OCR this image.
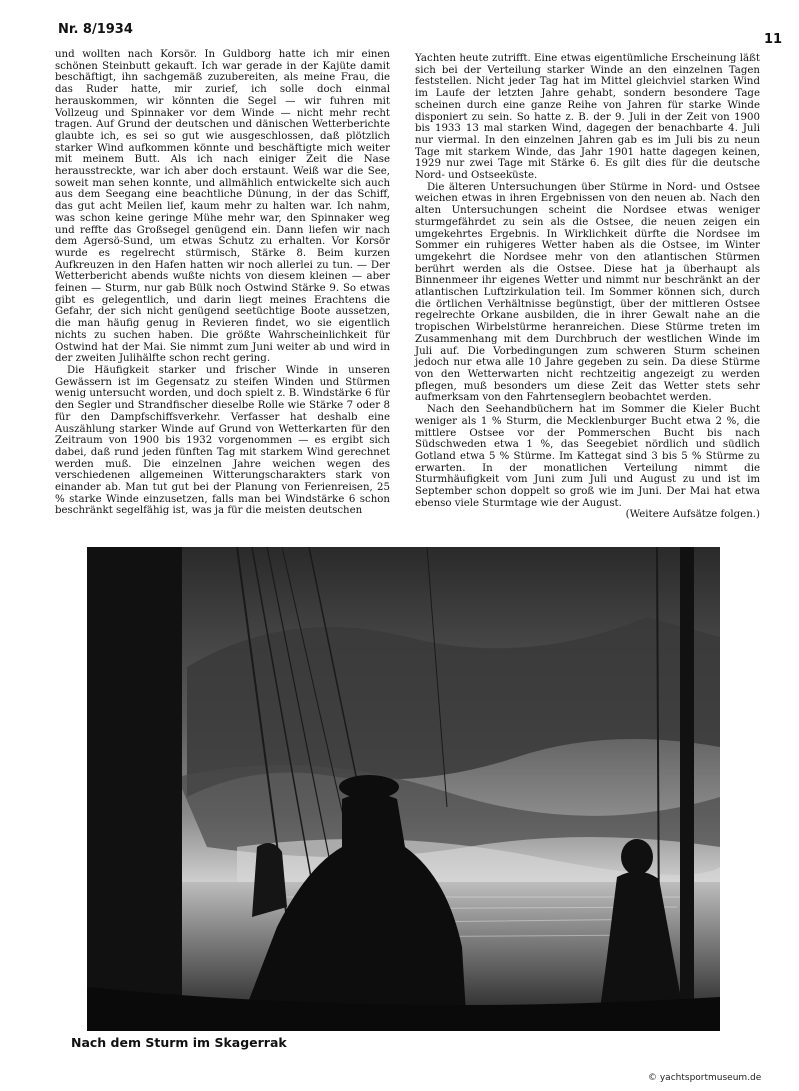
Nr. 8/1934
11

und wollten nach Korsör. In Guldborg hatte ich mir einen schönen Steinbutt gekauft. Ich war gerade in der Kajüte damit beschäftigt, ihn sachgemäß zuzubereiten, als meine Frau, die das Ruder hatte, mir zurief, ich solle doch einmal herauskommen, wir könnten die Segel — wir fuhren mit Vollzeug und Spinnaker vor dem Winde — nicht mehr recht tragen. Auf Grund der deutschen und dänischen Wetterberichte glaubte ich, es sei so gut wie ausgeschlossen, daß plötzlich starker Wind aufkommen könnte und beschäftigte mich weiter mit meinem Butt. Als ich nach einiger Zeit die Nase herausstreckte, war ich aber doch erstaunt. Weiß war die See, soweit man sehen konnte, und allmählich entwickelte sich auch aus dem Seegang eine beachtliche Dünung, in der das Schiff, das gut acht Meilen lief, kaum mehr zu halten war. Ich nahm, was schon keine geringe Mühe mehr war, den Spinnaker weg und reffte das Großsegel genügend ein. Dann liefen wir nach dem Agersö-Sund, um etwas Schutz zu erhalten. Vor Korsör wurde es regelrecht stürmisch, Stärke 8. Beim kurzen Aufkreuzen in den Hafen hatten wir noch allerlei zu tun. — Der Wetterbericht abends wußte nichts von diesem kleinen — aber feinen — Sturm, nur gab Bülk noch Ostwind Stärke 9. So etwas gibt es gelegentlich, und darin liegt meines Erachtens die Gefahr, der sich nicht genügend seetüchtige Boote aussetzen, die man häufig genug in Revieren findet, wo sie eigentlich nichts zu suchen haben. Die größte Wahrscheinlichkeit für Ostwind hat der Mai. Sie nimmt zum Juni weiter ab und wird in der zweiten Julihälfte schon recht gering.

Die Häufigkeit starker und frischer Winde in unseren Gewässern ist im Gegensatz zu steifen Winden und Stürmen wenig untersucht worden, und doch spielt z. B. Windstärke 6 für den Segler und Strandfischer dieselbe Rolle wie Stärke 7 oder 8 für den Dampfschiffsverkehr. Verfasser hat deshalb eine Auszählung starker Winde auf Grund von Wetterkarten für den Zeitraum von 1900 bis 1932 vorgenommen — es ergibt sich dabei, daß rund jeden fünften Tag mit starkem Wind gerechnet werden muß. Die einzelnen Jahre weichen wegen des verschiedenen allgemeinen Witterungscharakters stark von einander ab. Man tut gut bei der Planung von Ferienreisen, 25 % starke Winde einzusetzen, falls man bei Windstärke 6 schon beschränkt segelfähig ist, was ja für die meisten deutschen

Yachten heute zutrifft. Eine etwas eigentümliche Erscheinung läßt sich bei der Verteilung starker Winde an den einzelnen Tagen feststellen. Nicht jeder Tag hat im Mittel gleichviel starken Wind im Laufe der letzten Jahre gehabt, sondern besondere Tage scheinen durch eine ganze Reihe von Jahren für starke Winde disponiert zu sein. So hatte z. B. der 9. Juli in der Zeit von 1900 bis 1933 13 mal starken Wind, dagegen der benachbarte 4. Juli nur viermal. In den einzelnen Jahren gab es im Juli bis zu neun Tage mit starkem Winde, das Jahr 1901 hatte dagegen keinen, 1929 nur zwei Tage mit Stärke 6. Es gilt dies für die deutsche Nord- und Ostseeküste.

Die älteren Untersuchungen über Stürme in Nord- und Ostsee weichen etwas in ihren Ergebnissen von den neuen ab. Nach den alten Untersuchungen scheint die Nordsee etwas weniger sturmgefährdet zu sein als die Ostsee, die neuen zeigen ein umgekehrtes Ergebnis. In Wirklichkeit dürfte die Nordsee im Sommer ein ruhigeres Wetter haben als die Ostsee, im Winter umgekehrt die Nordsee mehr von den atlantischen Stürmen berührt werden als die Ostsee. Diese hat ja überhaupt als Binnenmeer ihr eigenes Wetter und nimmt nur beschränkt an der atlantischen Luftzirkulation teil. Im Sommer können sich, durch die örtlichen Verhältnisse begünstigt, über der mittleren Ostsee regelrechte Orkane ausbilden, die in ihrer Gewalt nahe an die tropischen Wirbelstürme heranreichen. Diese Stürme treten im Zusammenhang mit dem Durchbruch der westlichen Winde im Juli auf. Die Vorbedingungen zum schweren Sturm scheinen jedoch nur etwa alle 10 Jahre gegeben zu sein. Da diese Stürme von den Wetterwarten nicht rechtzeitig angezeigt zu werden pflegen, muß besonders um diese Zeit das Wetter stets sehr aufmerksam von den Fahrtenseglern beobachtet werden.

Nach den Seehandbüchern hat im Sommer die Kieler Bucht weniger als 1 % Sturm, die Mecklenburger Bucht etwa 2 %, die mittlere Ostsee vor der Pommerschen Bucht bis nach Südschweden etwa 1 %, das Seegebiet nördlich und südlich Gotland etwa 5 % Stürme. Im Kattegat sind 3 bis 5 % Stürme zu erwarten. In der monatlichen Verteilung nimmt die Sturmhäufigkeit vom Juni zum Juli und August zu und ist im September schon doppelt so groß wie im Juni. Der Mai hat etwa ebenso viele Sturmtage wie der August.

(Weitere Aufsätze folgen.)

Nach dem Sturm im Skagerrak
© yachtsportmuseum.de
